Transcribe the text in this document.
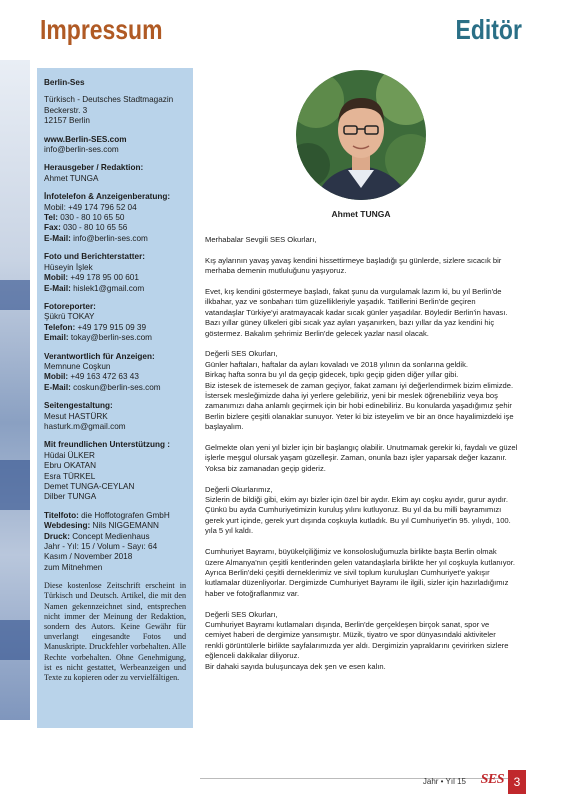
Impressum	Editör
Berlin-Ses
Türkisch - Deutsches Stadtmagazin
Beckerstr. 3
12157 Berlin
www.Berlin-SES.com
info@berlin-ses.com
Herausgeber / Redaktion:
Ahmet TUNGA
İnfotelefon & Anzeigenberatung:
Mobil: +49 174 796 52 04
Tel: 030 - 80 10 65 50
Fax: 030 - 80 10 65 56
E-Mail: info@berlin-ses.com
Foto und Berichterstatter:
Hüseyin İşlek
Mobil: +49 178 95 00 601
E-Mail: hislek1@gmail.com
Fotoreporter:
Şükrü TOKAY
Telefon: +49 179 915 09 39
Email: tokay@berlin-ses.com
Verantwortlich für Anzeigen:
Memnune Coşkun
Mobil: +49 163 472 63 43
E-Mail: coskun@berlin-ses.com
Seitengestaltung:
Mesut HASTÜRK
hasturk.m@gmail.com
Mit freundlichen Unterstützung :
Hüdai ÜLKER
Ebru OKATAN
Esra TÜRKEL
Demet TUNGA-CEYLAN
Dilber TUNGA
Titelfoto: die Hoffotografen GmbH
Webdesing: Nils NIGGEMANN
Druck: Concept Medienhaus
Jahr - Yıl: 15 / Volum - Sayı: 64
Kasım / November 2018
zum Mitnehmen
Diese kostenlose Zeitschrift erscheint in Türkisch und Deutsch. Artikel, die mit den Namen gekennzeichnet sind, entsprechen nicht immer der Meinung der Redaktion, sondern des Autors. Keine Gewähr für unverlangt eingesandte Fotos und Manuskripte. Druckfehler vorbehalten. Alle Rechte vorbehalten. Ohne Genehmigung, ist es nicht gestattet, Werbeanzeigen und Texte zu kopieren oder zu vervielfältigen.
Ahmet TUNGA

Merhabalar Sevgili SES Okurları,

Kış aylarının yavaş yavaş kendini hissettirmeye başladığı şu günlerde, sizlere sıcacık bir
merhaba demenin mutluluğunu yaşıyoruz.

Evet, kış kendini göstermeye başladı, fakat şunu da vurgulamak lazım ki, bu yıl Berlin'de
ilkbahar, yaz ve sonbaharı tüm güzellikleriyle yaşadık. Tatillerini Berlin'de geçiren
vatandaşlar Türkiye'yi aratmayacak kadar sıcak günler yaşadılar. Böyledir Berlin'in havası.
Bazı yıllar güney ülkeleri gibi sıcak yaz ayları yaşanırken, bazı yıllar da yaz kendini hiç
göstermez. Bakalım şehrimiz Berlin'de gelecek yazlar nasıl olacak.

Değerli SES Okurları,
Günler haftaları, haftalar da ayları kovaladı ve 2018 yılının da sonlarına geldik.
Birkaç hafta sonra bu yıl da geçip gidecek, tıpkı geçip giden diğer yıllar gibi.
Biz istesek de istemesek de zaman geçiyor, fakat zamanı iyi değerlendirmek bizim elimizde.
İstersek mesleğimizde daha iyi yerlere gelebiliriz, yeni bir meslek öğrenebiliriz veya boş
zamanımızı daha anlamlı geçirmek için bir hobi edinebiliriz. Bu konularda yaşadığımız şehir
Berlin bizlere çeşitli olanaklar sunuyor. Yeter ki biz isteyelim ve bir an önce hayalimizdeki işe
başlayalım.

Gelmekte olan yeni yıl bizler için bir başlangıç olabilir. Unutmamak gerekir ki, faydalı ve güzel
işlerle meşgul olursak yaşam güzelleşir. Zaman, onunla bazı işler yaparsak değer kazanır.
Yoksa biz zamanadan geçip gideriz.

Değerli Okurlarımız,
Sizlerin de bildiği gibi, ekim ayı bizler için özel bir aydır. Ekim ayı coşku ayıdır, gurur ayıdır.
Çünkü bu ayda Cumhuriyetimizin kuruluş yılını kutluyoruz. Bu yıl da bu milli bayramımızı
gerek yurt içinde, gerek yurt dışında coşkuyla kutladık. Bu yıl Cumhuriyet'in 95. yılıydı, 100.
yıla 5 yıl kaldı.

Cumhuriyet Bayramı, büyükelçiliğimiz ve konsolosluğumuzla birlikte başta Berlin olmak
üzere Almanya'nın çeşitli kentlerinden gelen vatandaşlarla birlikte her yıl coşkuyla kutlanıyor.
Ayrıca Berlin'deki çeşitli derneklerimiz ve sivil toplum kuruluşları Cumhuriyet'e yakışır
kutlamalar düzenliyorlar. Dergimizde Cumhuriyet Bayramı ile ilgili, sizler için hazırladığımız
haber ve fotoğraflanmız var.

Değerli SES Okurları,
Cumhuriyet Bayramı kutlamaları dışında, Berlin'de gerçekleşen birçok sanat, spor ve
cemiyet haberi de dergimize yansımıştır. Müzik, tiyatro ve spor dünyasındaki aktiviteler
renkli görüntülerle birlikte sayfalarımızda yer aldı. Dergimizin yapraklarını çevirirken sizlere
eğlenceli dakikalar diliyoruz.
Bir dahaki sayıda buluşuncaya dek şen ve esen kalın.

Jahr • Yıl 15 SES 3
